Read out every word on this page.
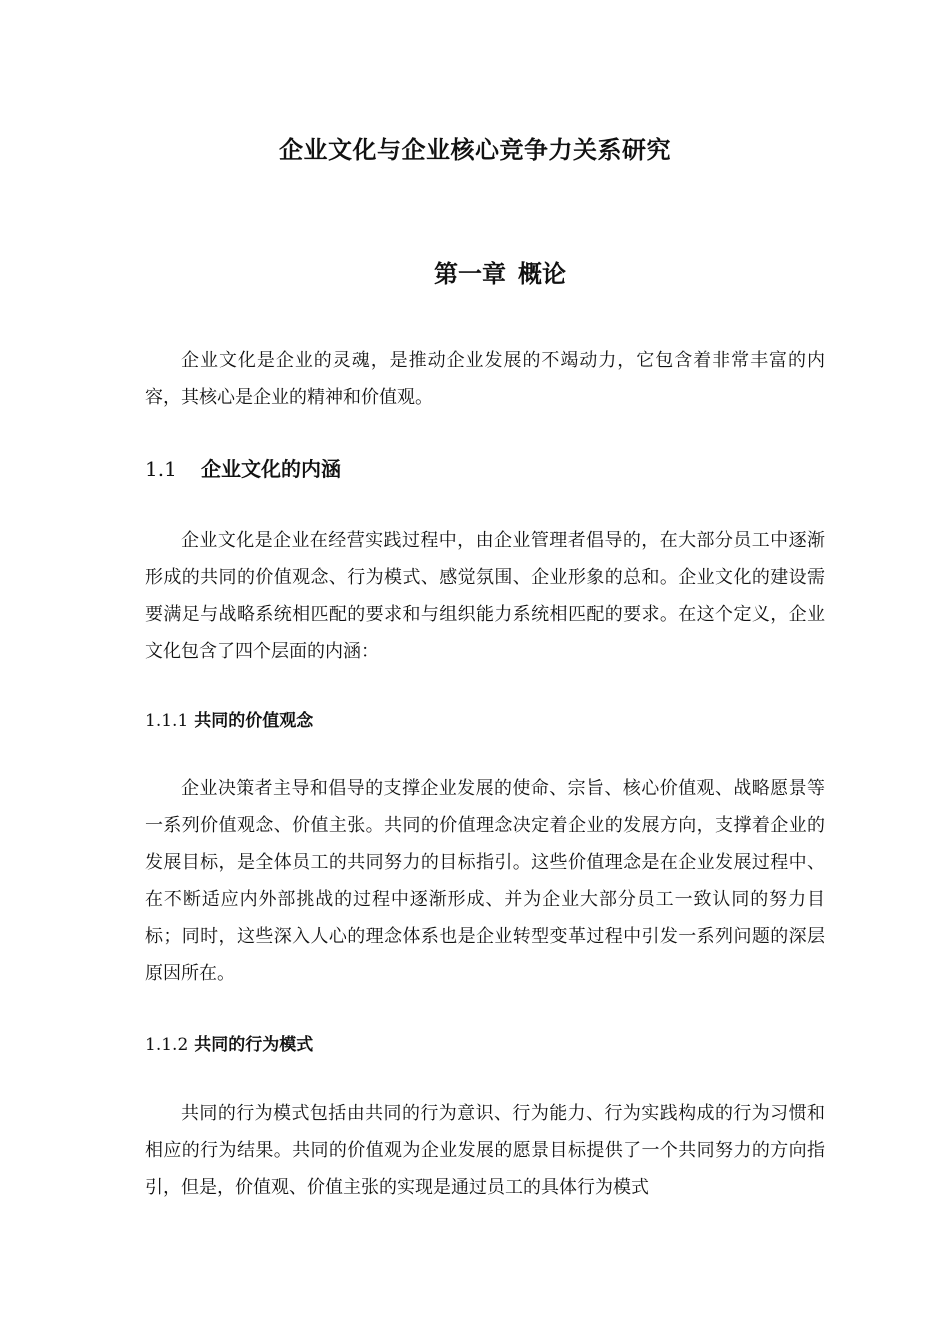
企业文化与企业核心竞争力关系研究
第一章 概论

企业文化是企业的灵魂，是推动企业发展的不竭动力，它包含着非常丰富的内容，其核心是企业的精神和价值观。

1.1 企业文化的内涵

企业文化是企业在经营实践过程中，由企业管理者倡导的，在大部分员工中逐渐形成的共同的价值观念、行为模式、感觉氛围、企业形象的总和。企业文化的建设需要满足与战略系统相匹配的要求和与组织能力系统相匹配的要求。在这个定义，企业文化包含了四个层面的内涵：

1.1.1 共同的价值观念

企业决策者主导和倡导的支撑企业发展的使命、宗旨、核心价值观、战略愿景等一系列价值观念、价值主张。共同的价值理念决定着企业的发展方向，支撑着企业的发展目标，是全体员工的共同努力的目标指引。这些价值理念是在企业发展过程中、在不断适应内外部挑战的过程中逐渐形成、并为企业大部分员工一致认同的努力目标；同时，这些深入人心的理念体系也是企业转型变革过程中引发一系列问题的深层原因所在。

1.1.2 共同的行为模式

共同的行为模式包括由共同的行为意识、行为能力、行为实践构成的行为习惯和相应的行为结果。共同的价值观为企业发展的愿景目标提供了一个共同努力的方向指引，但是，价值观、价值主张的实现是通过员工的具体行为模式
